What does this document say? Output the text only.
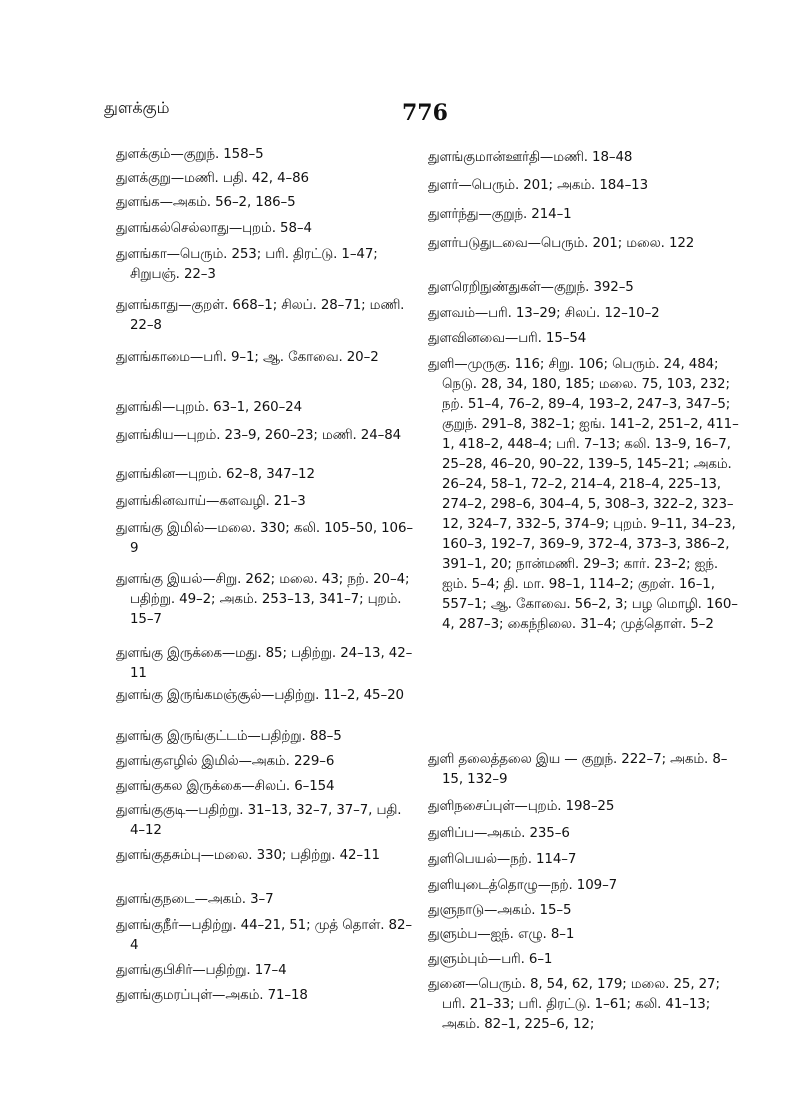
துளக்கும்	776
துளக்கும்—குறுந். 158–5
துளக்குறு—மணி. பதி. 42, 4–86
துளங்க—அகம். 56–2, 186–5
துளங்கல்செல்லாது—புறம். 58–4
துளங்கா—பெரும். 253; பரி. திரட்டு. 1–47; சிறுபஞ். 22–3
துளங்காது—குறள். 668–1; சிலப். 28–71; மணி. 22–8
துளங்காமை—பரி. 9–1; ஆ. கோவை. 20–2
துளங்கி—புறம். 63–1, 260–24
துளங்கிய—புறம். 23–9, 260–23; மணி. 24–84
துளங்கின—புறம். 62–8, 347–12
துளங்கினவாய்—களவழி. 21–3
துளங்கு இமில்—மலை. 330; கலி. 105–50, 106–9
துளங்கு இயல்—சிறு. 262; மலை. 43; நற். 20–4; பதிற்று. 49–2; அகம். 253–13, 341–7; புறம். 15–7
துளங்கு இருக்கை—மது. 85; பதிற்று. 24–13, 42–11
துளங்கு இருங்கமஞ்சூல்—பதிற்று. 11–2, 45–20
துளங்கு இருங்குட்டம்—பதிற்று. 88–5
துளங்குஎழில் இமில்—அகம். 229–6
துளங்குகல இருக்கை—சிலப். 6–154
துளங்குகுடி—பதிற்று. 31–13, 32–7, 37–7, பதி. 4–12
துளங்குதசும்பு—மலை. 330; பதிற்று. 42–11
துளங்குநடை—அகம். 3–7
துளங்குநீர்—பதிற்று. 44–21, 51; முத் தொள். 82–4
துளங்குபிசிர்—பதிற்று. 17–4
துளங்குமரப்புள்—அகம். 71–18
துளங்குமான்ஊர்தி—மணி. 18–48
துளர்—பெரும். 201; அகம். 184–13
துளர்ந்து—குறுந். 214–1
துளர்படுதுடவை—பெரும். 201; மலை. 122
துளரெறிநுண்துகள்—குறுந். 392–5
துளவம்—பரி. 13–29; சிலப். 12–10–2
துளவினவை—பரி. 15–54
துளி—முருகு. 116; சிறு. 106; பெரும். 24, 484; நெடு. 28, 34, 180, 185; மலை. 75, 103, 232; நற். 51–4, 76–2, 89–4, 193–2, 247–3, 347–5; குறுந். 291–8, 382–1; ஐங். 141–2, 251–2, 411–1, 418–2, 448–4; பரி. 7–13; கலி. 13–9, 16–7, 25–28, 46–20, 90–22, 139–5, 145–21; அகம். 26–24, 58–1, 72–2, 214–4, 218–4, 225–13, 274–2, 298–6, 304–4, 5, 308–3, 322–2, 323–12, 324–7, 332–5, 374–9; புறம். 9–11, 34–23, 160–3, 192–7, 369–9, 372–4, 373–3, 386–2, 391–1, 20; நான்மணி. 29–3; கார். 23–2; ஐந். ஐம். 5–4; தி. மா. 98–1, 114–2; குறள். 16–1, 557–1; ஆ. கோவை. 56–2, 3; பழ மொழி. 160–4, 287–3; கைந்நிலை. 31–4; முத்தொள். 5–2
துளி தலைத்தலை இய — குறுந். 222–7; அகம். 8–15, 132–9
துளிநசைப்புள்—புறம். 198–25
துளிப்ப—அகம். 235–6
துளிபெயல்—நற். 114–7
துளியுடைத்தொழு—நற். 109–7
துளுநாடு—அகம். 15–5
துளும்ப—ஐந். எழு. 8–1
துளும்பும்—பரி. 6–1
துனை—பெரும். 8, 54, 62, 179; மலை. 25, 27; பரி. 21–33; பரி. திரட்டு. 1–61; கலி. 41–13; அகம். 82–1, 225–6, 12;
